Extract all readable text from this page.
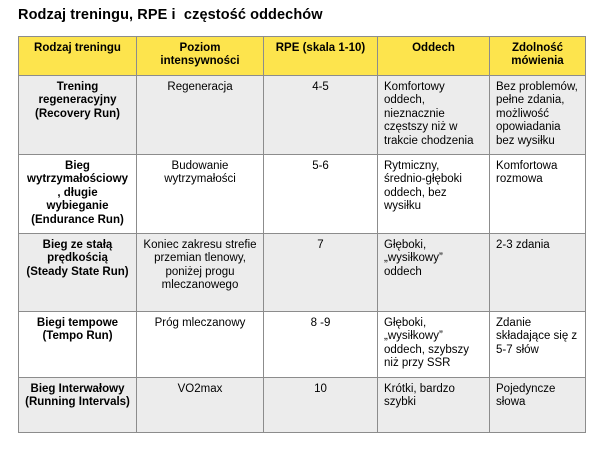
Rodzaj treningu, RPE i  częstość oddechów
Rodzaj treningu	Poziom intensywności	RPE (skala 1-10)	Oddech	Zdolność mówienia
Trening regeneracyjny (Recovery Run)	Regeneracja	4-5	Komfortowy oddech, nieznacznie częstszy niż w trakcie chodzenia	Bez problemów, pełne zdania, możliwość opowiadania bez wysiłku
Bieg wytrzymałościowy , długie wybieganie (Endurance Run)	Budowanie wytrzymałości	5-6	Rytmiczny, średnio-głęboki oddech, bez wysiłku	Komfortowa rozmowa
Bieg ze stałą prędkością (Steady State Run)	Koniec zakresu strefie przemian tlenowy, poniżej progu mleczanowego	7	Głęboki, „wysiłkowy” oddech	2-3 zdania
Biegi tempowe (Tempo Run)	Próg mleczanowy	8 -9	Głęboki, „wysiłkowy” oddech, szybszy niż przy SSR	Zdanie składające się z 5-7 słów
Bieg Interwałowy (Running Intervals)	VO2max	10	Krótki, bardzo szybki	Pojedyncze słowa
